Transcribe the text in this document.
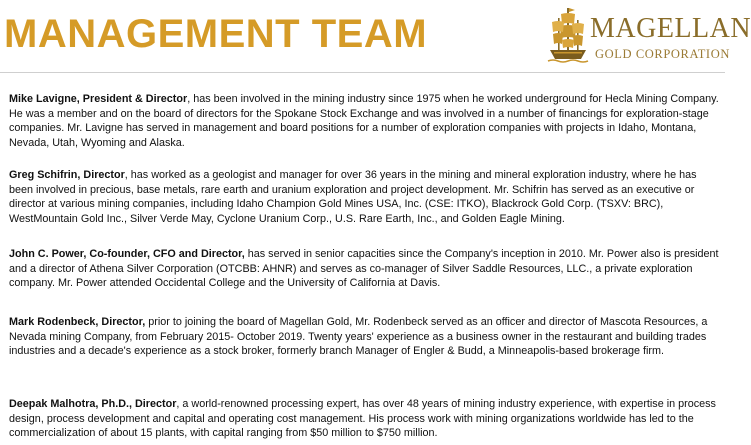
MANAGEMENT TEAM	MAGELLAN
GOLD CORPORATION

Mike Lavigne, President & Director, has been involved in the mining industry since 1975 when he worked underground for Hecla Mining Company. He was a member and on the board of directors for the Spokane Stock Exchange and was involved in a number of financings for exploration-stage companies. Mr. Lavigne has served in management and board positions for a number of exploration companies with projects in Idaho, Montana, Nevada, Utah, Wyoming and Alaska.

Greg Schifrin, Director, has worked as a geologist and manager for over 36 years in the mining and mineral exploration industry, where he has been involved in precious, base metals, rare earth and uranium exploration and project development. Mr. Schifrin has served as an executive or director at various mining companies, including Idaho Champion Gold Mines USA, Inc. (CSE: ITKO), Blackrock Gold Corp. (TSXV: BRC), WestMountain Gold Inc., Silver Verde May, Cyclone Uranium Corp., U.S. Rare Earth, Inc., and Golden Eagle Mining.

John C. Power, Co-founder, CFO and Director, has served in senior capacities since the Company's inception in 2010. Mr. Power also is president and a director of Athena Silver Corporation (OTCBB: AHNR) and serves as co-manager of Silver Saddle Resources, LLC., a private exploration company. Mr. Power attended Occidental College and the University of California at Davis.

Mark Rodenbeck, Director, prior to joining the board of Magellan Gold, Mr. Rodenbeck served as an officer and director of Mascota Resources, a Nevada mining Company, from February 2015- October 2019. Twenty years' experience as a business owner in the restaurant and building trades industries and a decade's experience as a stock broker, formerly branch Manager of Engler & Budd, a Minneapolis-based brokerage firm.

Deepak Malhotra, Ph.D., Director, a world-renowned processing expert, has over 48 years of mining industry experience, with expertise in process design, process development and capital and operating cost management. His process work with mining organizations worldwide has led to the commercialization of about 15 plants, with capital ranging from $50 million to $750 million.
